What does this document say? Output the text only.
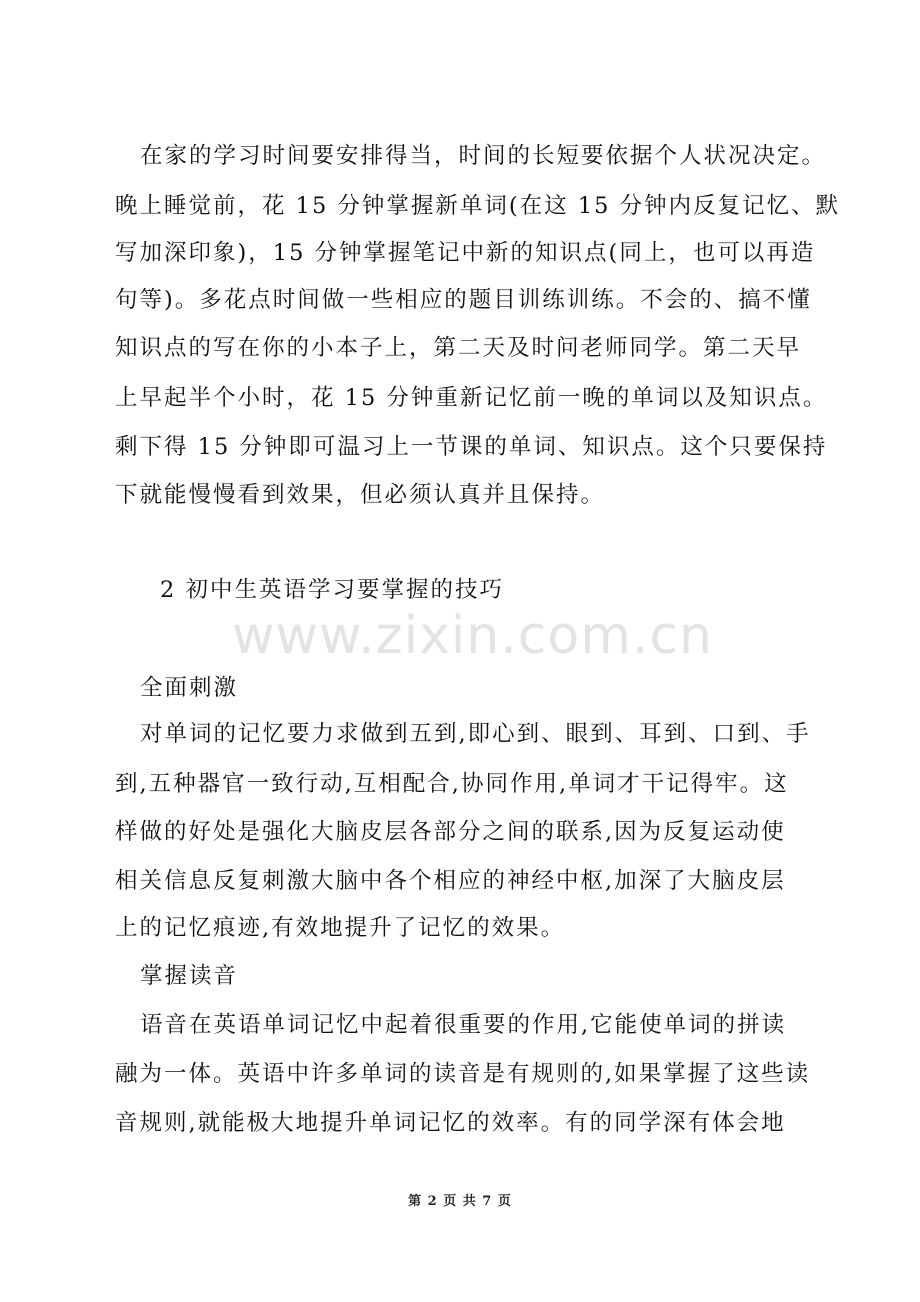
在家的学习时间要安排得当，时间的长短要依据个人状况决定。
晚上睡觉前，花 15 分钟掌握新单词(在这 15 分钟内反复记忆、默
写加深印象)，15 分钟掌握笔记中新的知识点(同上，也可以再造
句等)。多花点时间做一些相应的题目训练训练。不会的、搞不懂
知识点的写在你的小本子上，第二天及时问老师同学。第二天早
上早起半个小时，花 15 分钟重新记忆前一晚的单词以及知识点。
剩下得 15 分钟即可温习上一节课的单词、知识点。这个只要保持
下就能慢慢看到效果，但必须认真并且保持。
2 初中生英语学习要掌握的技巧
www.zixin.com.cn
全面刺激
对单词的记忆要力求做到五到,即心到、眼到、耳到、口到、手
到,五种器官一致行动,互相配合,协同作用,单词才干记得牢。这
样做的好处是强化大脑皮层各部分之间的联系,因为反复运动使
相关信息反复刺激大脑中各个相应的神经中枢,加深了大脑皮层
上的记忆痕迹,有效地提升了记忆的效果。
掌握读音
语音在英语单词记忆中起着很重要的作用,它能使单词的拼读
融为一体。英语中许多单词的读音是有规则的,如果掌握了这些读
音规则,就能极大地提升单词记忆的效率。有的同学深有体会地
第 2 页 共 7 页
